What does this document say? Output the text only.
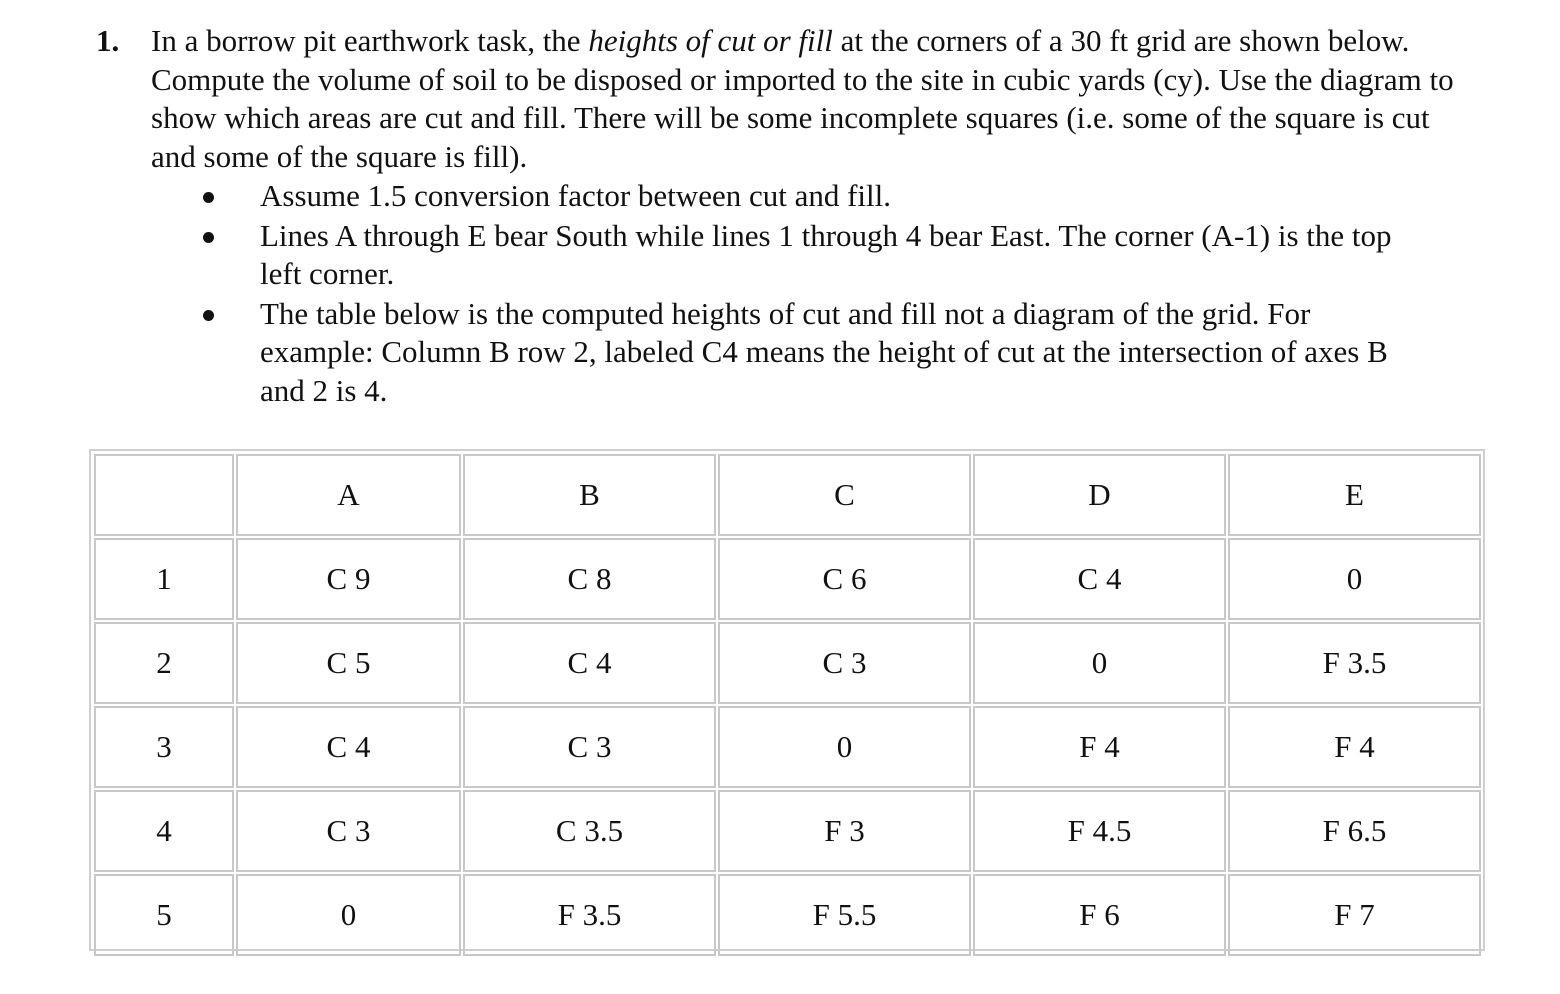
1. In a borrow pit earthwork task, the heights of cut or fill at the corners of a 30 ft grid are shown below. Compute the volume of soil to be disposed or imported to the site in cubic yards (cy). Use the diagram to show which areas are cut and fill. There will be some incomplete squares (i.e. some of the square is cut and some of the square is fill).
Assume 1.5 conversion factor between cut and fill.
Lines A through E bear South while lines 1 through 4 bear East. The corner (A-1) is the top left corner.
The table below is the computed heights of cut and fill not a diagram of the grid. For example: Column B row 2, labeled C4 means the height of cut at the intersection of axes B and 2 is 4.
	A	B	C	D	E
1	C 9	C 8	C 6	C 4	0
2	C 5	C 4	C 3	0	F 3.5
3	C 4	C 3	0	F 4	F 4
4	C 3	C 3.5	F 3	F 4.5	F 6.5
5	0	F 3.5	F 5.5	F 6	F 7
